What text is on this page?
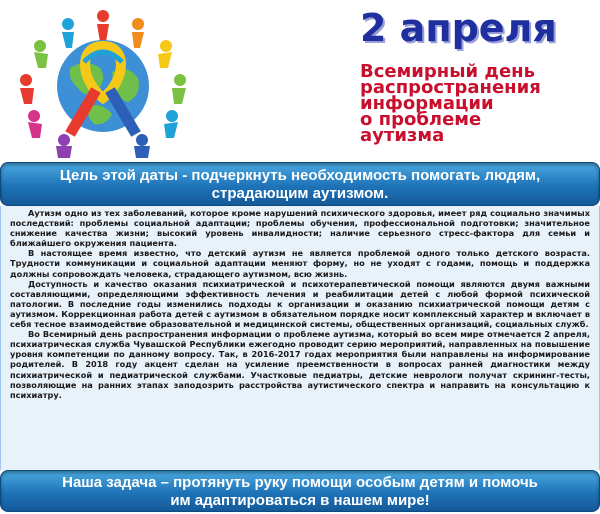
2 апреля
Всемирный день
распространения
информации
о проблеме
аутизма
Цель этой даты - подчеркнуть необходимость помогать людям,
страдающим аутизмом.

Аутизм одно из тех заболеваний, которое кроме нарушений психического здоровья, имеет ряд социально значимых последствий: проблемы социальной адаптации; проблемы обучения, профессиональной подготовки; значительное снижение качества жизни; высокий уровень инвалидности; наличие серьезного стресс-фактора для семьи и ближайшего окружения пациента.

В настоящее время известно, что детский аутизм не является проблемой одного только детского возраста. Трудности коммуникации и социальной адаптации меняют форму, но не уходят с годами, помощь и поддержка должны сопровождать человека, страдающего аутизмом, всю жизнь.

Доступность и качество оказания психиатрической и психотерапевтической помощи являются двумя важными составляющими, определяющими эффективность лечения и реабилитации детей с любой формой психической патологии. В последние годы изменились подходы к организации и оказанию психиатрической помощи детям с аутизмом. Коррекционная работа детей с аутизмом в обязательном порядке носит комплексный характер и включает в себя тесное взаимодействие образовательной и медицинской системы, общественных организаций, социальных служб.

Во Всемирный день распространения информации о проблеме аутизма, который во всем мире отмечается 2 апреля, психиатрическая служба Чувашской Республики ежегодно проводит серию мероприятий, направленных на повышение уровня компетенции по данному вопросу. Так, в 2016-2017 годах мероприятия были направлены на информирование родителей. В 2018 году акцент сделан на усиление преемственности в вопросах ранней диагностики между психиатрической и педиатрической службами. Участковые педиатры, детские неврологи получат скрининг-тесты, позволяющие на ранних этапах заподозрить расстройства аутистического спектра и направить на консультацию к психиатру.

Наша задача – протянуть руку помощи особым детям и помочь
им адаптироваться в нашем мире!
